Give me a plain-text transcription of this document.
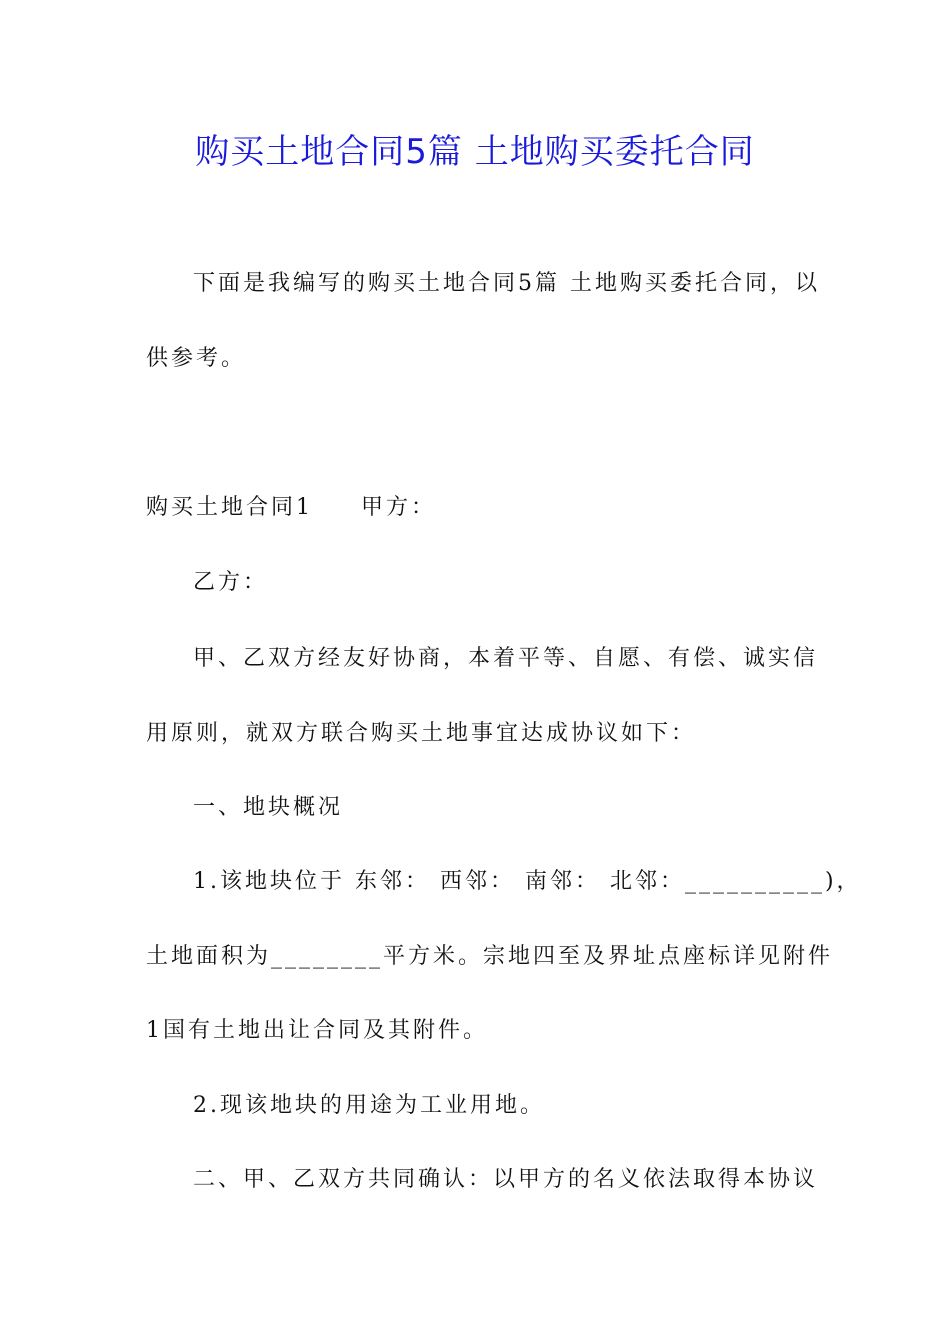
购买土地合同5篇 土地购买委托合同
下面是我编写的购买土地合同5篇 土地购买委托合同，以
供参考。
购买土地合同1 甲方：
乙方：
甲、乙双方经友好协商，本着平等、自愿、有偿、诚实信
用原则，就双方联合购买土地事宜达成协议如下：
一、地块概况
1.该地块位于 东邻： 西邻： 南邻： 北邻：__________)，
土地面积为________平方米。宗地四至及界址点座标详见附件
1国有土地出让合同及其附件。
2.现该地块的用途为工业用地。
二、甲、乙双方共同确认：以甲方的名义依法取得本协议
